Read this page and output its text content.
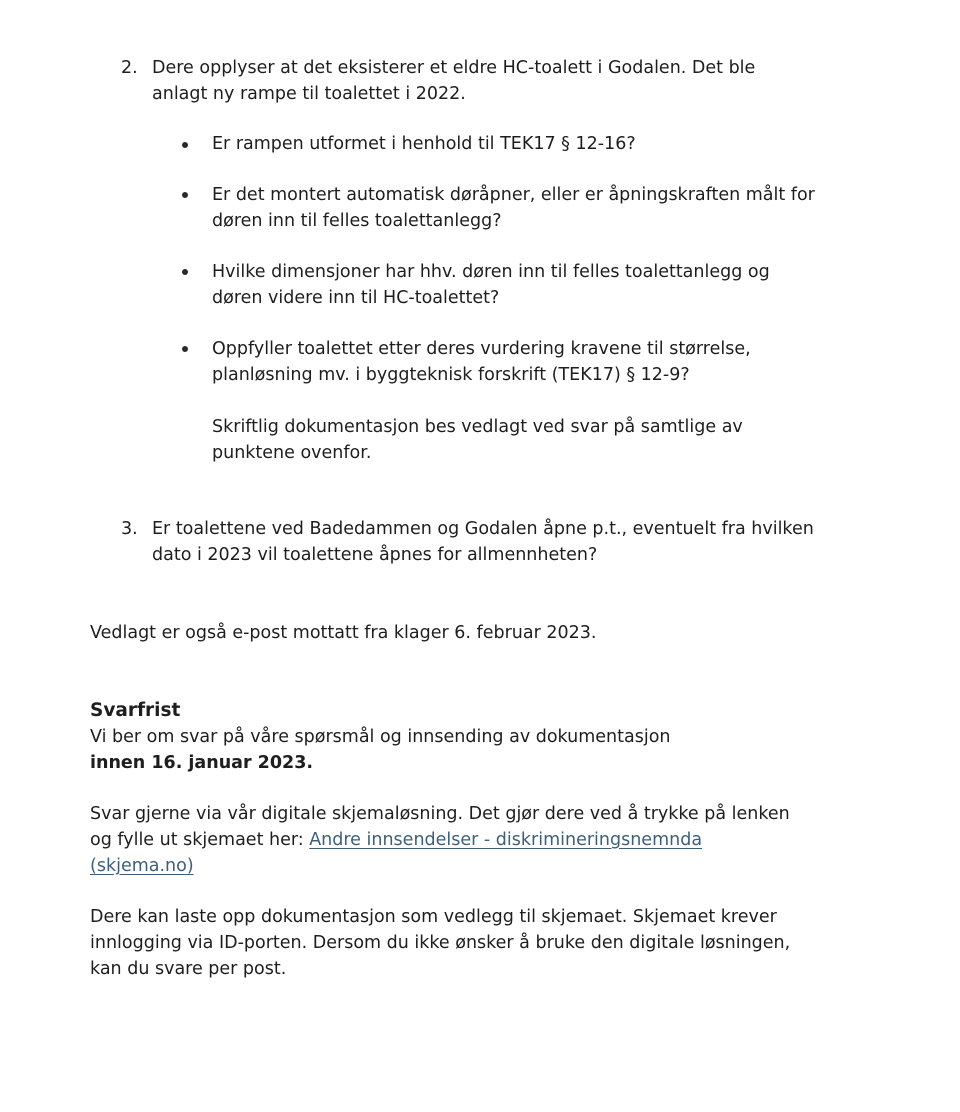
2. Dere opplyser at det eksisterer et eldre HC-toalett i Godalen. Det ble
anlagt ny rampe til toalettet i 2022.

Er rampen utformet i henhold til TEK17 § 12-16?

Er det montert automatisk døråpner, eller er åpningskraften målt for
døren inn til felles toalettanlegg?

Hvilke dimensjoner har hhv. døren inn til felles toalettanlegg og
døren videre inn til HC-toalettet?

Oppfyller toalettet etter deres vurdering kravene til størrelse,
planløsning mv. i byggteknisk forskrift (TEK17) § 12-9?

Skriftlig dokumentasjon bes vedlagt ved svar på samtlige av
punktene ovenfor.

3. Er toalettene ved Badedammen og Godalen åpne p.t., eventuelt fra hvilken
dato i 2023 vil toalettene åpnes for allmennheten?

Vedlagt er også e-post mottatt fra klager 6. februar 2023.

Svarfrist
Vi ber om svar på våre spørsmål og innsending av dokumentasjon
innen 16. januar 2023.

Svar gjerne via vår digitale skjemaløsning. Det gjør dere ved å trykke på lenken
og fylle ut skjemaet her: Andre innsendelser - diskrimineringsnemnda
(skjema.no)

Dere kan laste opp dokumentasjon som vedlegg til skjemaet. Skjemaet krever
innlogging via ID-porten. Dersom du ikke ønsker å bruke den digitale løsningen,
kan du svare per post.
